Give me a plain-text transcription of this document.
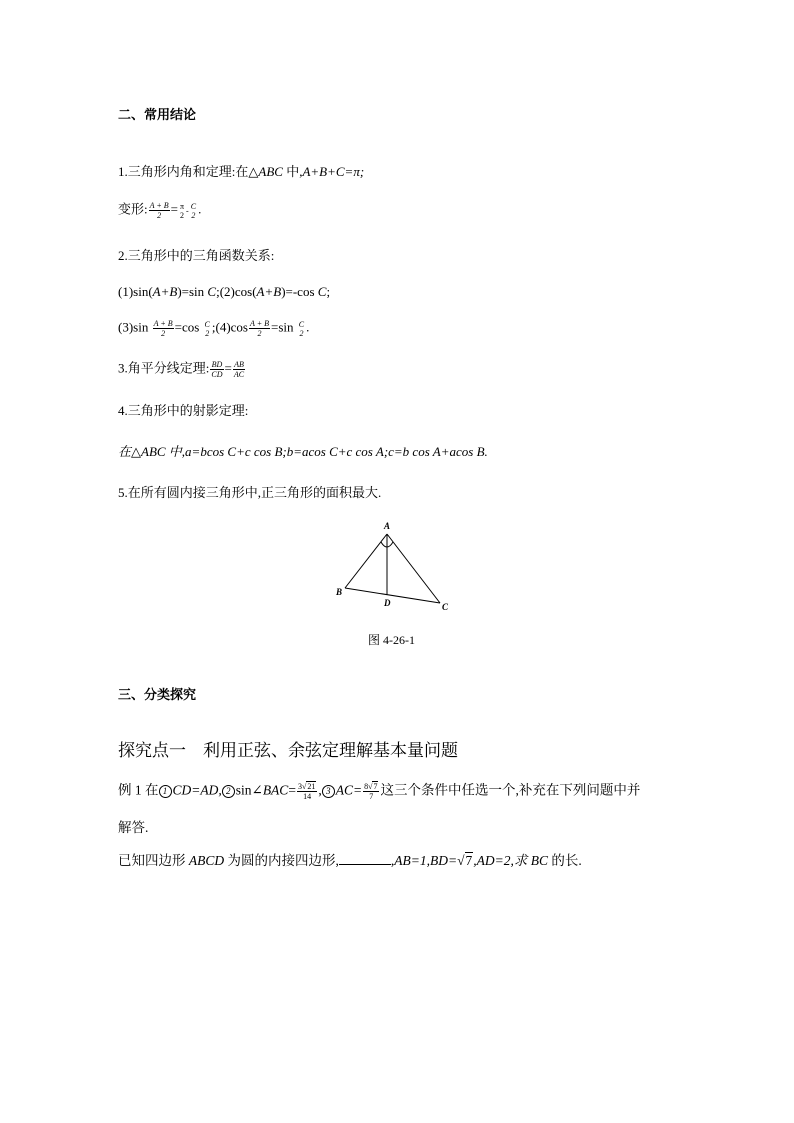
二、常用结论
1.三角形内角和定理:在△ABC 中,A+B+C=π;
变形: $\frac{A + B}{2} = \pi$
2 -
C
2 .
2.三角形中的三角函数关系:
(1)sin(A+B)=sin C;(2)cos(A+B)=-cos C;
$(3)\sin \frac{A + B}{2} =\cos$ C
2 ;(4)cos $\frac{A + B}{2} =\sin$ C
2 .
3.角平分线定理: $\frac{BD}{CD} = \frac{AB}{AC}$
4.三角形中的射影定理:
在△ABC 中,a=bcos C+c cos B;b=acos C+c cos A;c=b cos A+acos B.
5.在所有圆内接三角形中,正三角形的面积最大.
A
B
C
D
图 4-26-1
三、分类探究
探究点一　利用正弦、余弦定理解基本量问题
例 1 在 1 CD=AD, 2 sin∠BAC= $\frac{3√21}{14}$ , 3 $AC= \frac{8√7}{7}$ 这三个条件中任选一个,补充在下列问题中并
解答.
已知四边形 ABCD 为圆的内接四边形,	,AB=1,BD=√7,AD=2,求 BC 的长.
